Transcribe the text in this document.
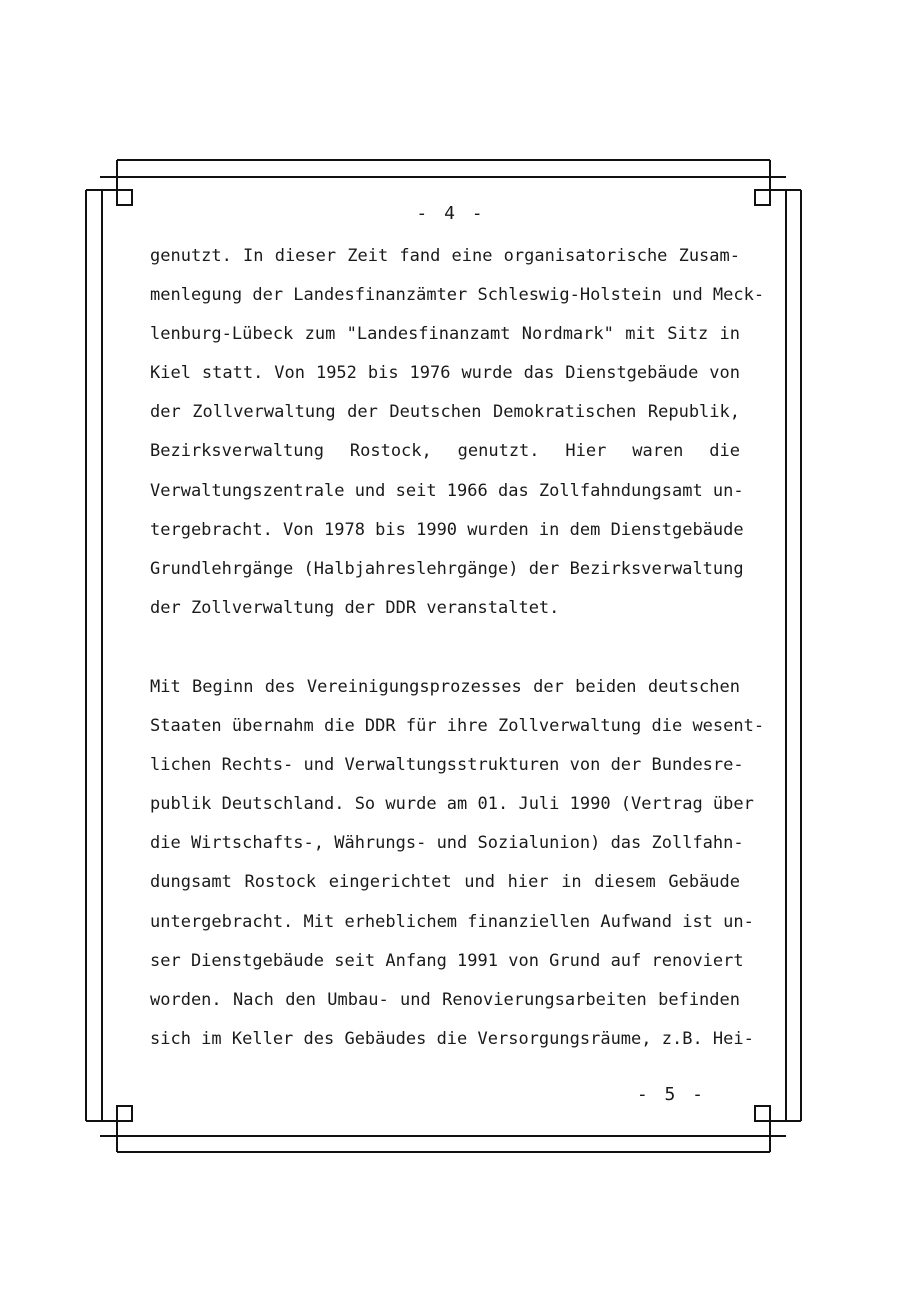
- 4 -
genutzt. In dieser Zeit fand eine organisatorische Zusam-
menlegung der Landesfinanzämter Schleswig-Holstein und Meck-
lenburg-Lübeck zum "Landesfinanzamt Nordmark" mit Sitz in
Kiel statt. Von 1952 bis 1976 wurde das Dienstgebäude von
der Zollverwaltung der Deutschen Demokratischen Republik,
Bezirksverwaltung Rostock, genutzt. Hier waren die
Verwaltungszentrale und seit 1966 das Zollfahndungsamt un-
tergebracht. Von 1978 bis 1990 wurden in dem Dienstgebäude
Grundlehrgänge (Halbjahreslehrgänge) der Bezirksverwaltung
der Zollverwaltung der DDR veranstaltet.
Mit Beginn des Vereinigungsprozesses der beiden deutschen
Staaten übernahm die DDR für ihre Zollverwaltung die wesent-
lichen Rechts- und Verwaltungsstrukturen von der Bundesre-
publik Deutschland. So wurde am 01. Juli 1990 (Vertrag über
die Wirtschafts-, Währungs- und Sozialunion) das Zollfahn-
dungsamt Rostock eingerichtet und hier in diesem Gebäude
untergebracht. Mit erheblichem finanziellen Aufwand ist un-
ser Dienstgebäude seit Anfang 1991 von Grund auf renoviert
worden. Nach den Umbau- und Renovierungsarbeiten befinden
sich im Keller des Gebäudes die Versorgungsräume, z.B. Hei-
- 5 -
